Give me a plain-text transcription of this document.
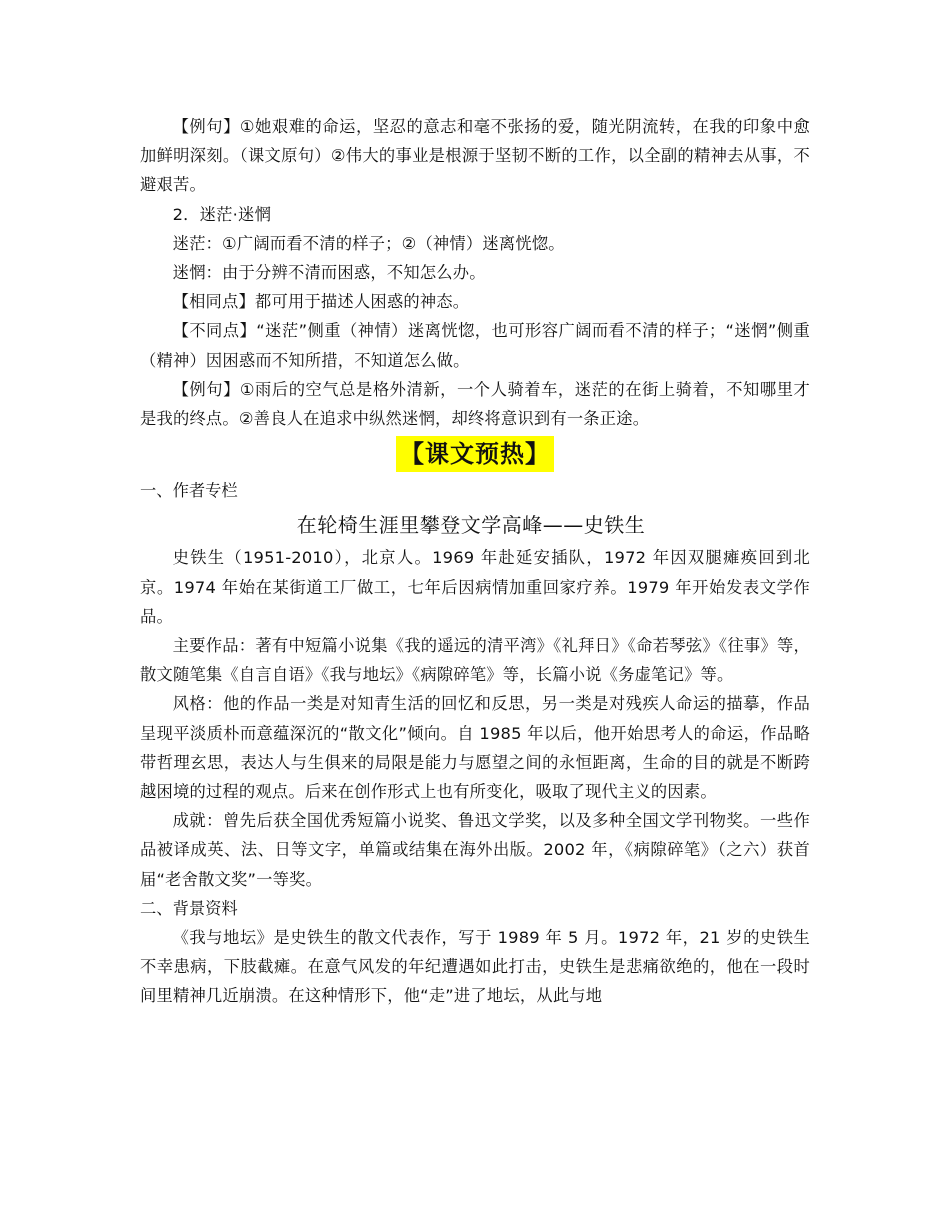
【例句】①她艰难的命运，坚忍的意志和毫不张扬的爱，随光阴流转，在我的印象中愈加鲜明深刻。（课文原句）②伟大的事业是根源于坚韧不断的工作，以全副的精神去从事，不避艰苦。

2．迷茫·迷惘

迷茫：①广阔而看不清的样子；②（神情）迷离恍惚。

迷惘：由于分辨不清而困惑，不知怎么办。

【相同点】都可用于描述人困惑的神态。

【不同点】“迷茫”侧重（神情）迷离恍惚，也可形容广阔而看不清的样子；“迷惘”侧重（精神）因困惑而不知所措，不知道怎么做。

【例句】①雨后的空气总是格外清新，一个人骑着车，迷茫的在街上骑着，不知哪里才是我的终点。②善良人在追求中纵然迷惘，却终将意识到有一条正途。

【课文预热】

一、作者专栏

在轮椅生涯里攀登文学高峰——史铁生

史铁生（1951-2010），北京人。1969 年赴延安插队，1972 年因双腿瘫痪回到北京。1974 年始在某街道工厂做工，七年后因病情加重回家疗养。1979 年开始发表文学作品。

主要作品：著有中短篇小说集《我的遥远的清平湾》《礼拜日》《命若琴弦》《往事》等，散文随笔集《自言自语》《我与地坛》《病隙碎笔》等，长篇小说《务虚笔记》等。

风格：他的作品一类是对知青生活的回忆和反思，另一类是对残疾人命运的描摹，作品呈现平淡质朴而意蕴深沉的“散文化”倾向。自 1985 年以后，他开始思考人的命运，作品略带哲理玄思，表达人与生俱来的局限是能力与愿望之间的永恒距离，生命的目的就是不断跨越困境的过程的观点。后来在创作形式上也有所变化，吸取了现代主义的因素。

成就：曾先后获全国优秀短篇小说奖、鲁迅文学奖，以及多种全国文学刊物奖。一些作品被译成英、法、日等文字，单篇或结集在海外出版。2002 年，《病隙碎笔》（之六）获首届“老舍散文奖”一等奖。

二、背景资料

《我与地坛》是史铁生的散文代表作，写于 1989 年 5 月。1972 年，21 岁的史铁生不幸患病，下肢截瘫。在意气风发的年纪遭遇如此打击，史铁生是悲痛欲绝的，他在一段时间里精神几近崩溃。在这种情形下，他“走”进了地坛，从此与地
